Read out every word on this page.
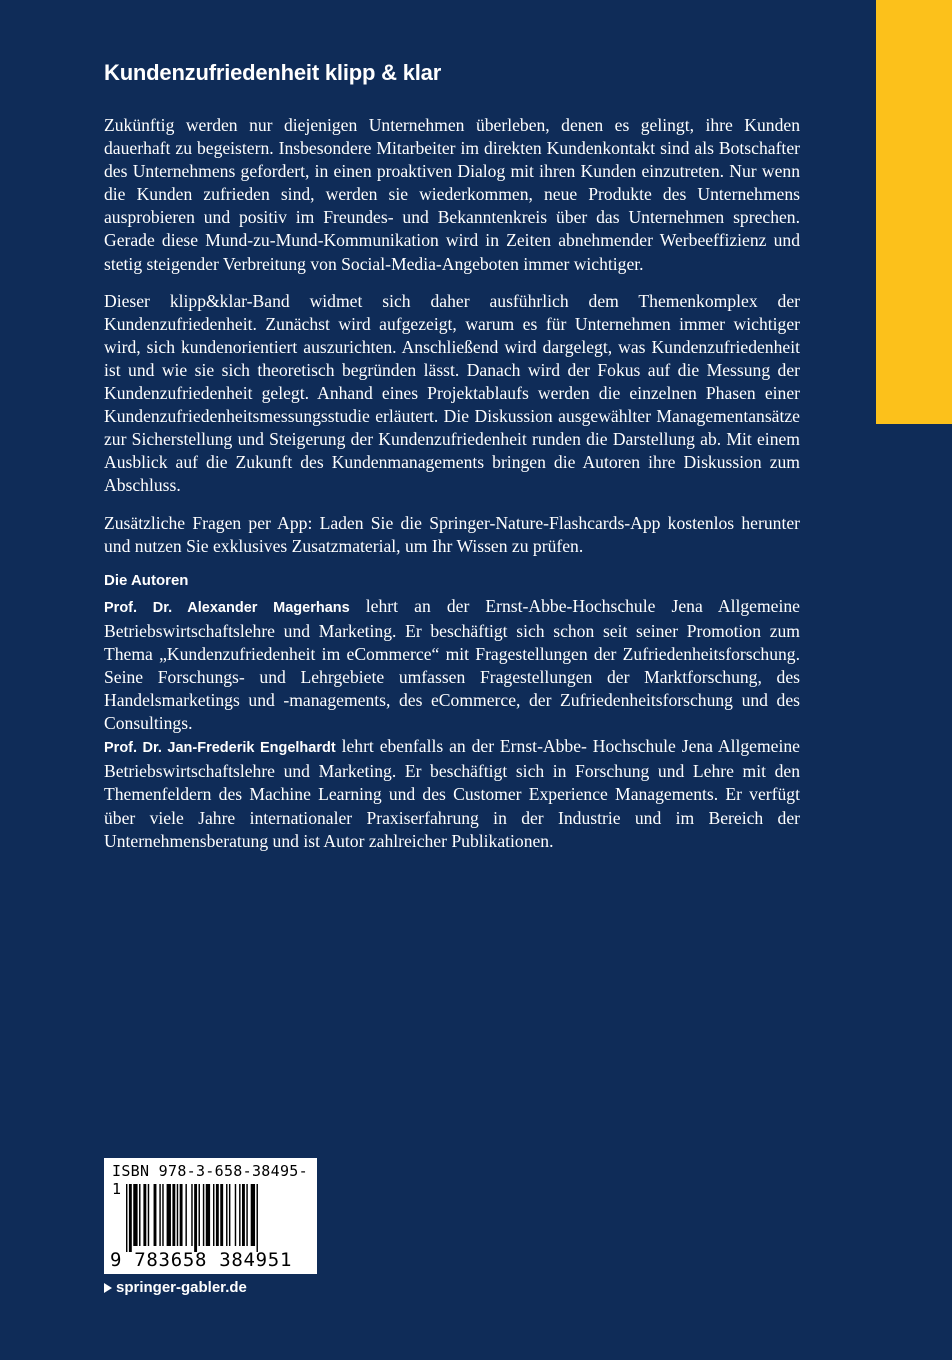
Kundenzufriedenheit klipp & klar

Zukünftig werden nur diejenigen Unternehmen überleben, denen es gelingt, ihre Kunden dauerhaft zu begeistern. Insbesondere Mitarbeiter im direkten Kundenkontakt sind als Botschafter des Unternehmens gefordert, in einen proaktiven Dialog mit ihren Kunden einzutreten. Nur wenn die Kunden zufrieden sind, werden sie wiederkommen, neue Produkte des Unternehmens ausprobieren und positiv im Freundes- und Bekanntenkreis über das Unternehmen sprechen. Gerade diese Mund-zu-Mund-Kommunikation wird in Zeiten abnehmender Werbeeffizienz und stetig steigender Verbreitung von Social-Media-Angeboten immer wichtiger.

Dieser klipp&klar-Band widmet sich daher ausführlich dem Themenkomplex der Kundenzufriedenheit. Zunächst wird aufgezeigt, warum es für Unternehmen immer wichtiger wird, sich kundenorientiert auszurichten. Anschließend wird dargelegt, was Kundenzufriedenheit ist und wie sie sich theoretisch begründen lässt. Danach wird der Fokus auf die Messung der Kundenzufriedenheit gelegt. Anhand eines Projektablaufs werden die einzelnen Phasen einer Kundenzufriedenheitsmessungsstudie erläutert. Die Diskussion ausgewählter Managementansätze zur Sicherstellung und Steigerung der Kundenzufriedenheit runden die Darstellung ab. Mit einem Ausblick auf die Zukunft des Kundenmanagements bringen die Autoren ihre Diskussion zum Abschluss.

Zusätzliche Fragen per App: Laden Sie die Springer-Nature-Flashcards-App kostenlos herunter und nutzen Sie exklusives Zusatzmaterial, um Ihr Wissen zu prüfen.

Die Autoren

Prof. Dr. Alexander Magerhans lehrt an der Ernst-Abbe-Hochschule Jena Allgemeine Betriebswirtschaftslehre und Marketing. Er beschäftigt sich schon seit seiner Promotion zum Thema „Kundenzufriedenheit im eCommerce“ mit Fragestellungen der Zufriedenheitsforschung. Seine Forschungs- und Lehrgebiete umfassen Fragestellungen der Marktforschung, des Handelsmarketings und -managements, des eCommerce, der Zufriedenheitsforschung und des Consultings.

Prof. Dr. Jan-Frederik Engelhardt lehrt ebenfalls an der Ernst-Abbe- Hochschule Jena Allgemeine Betriebswirtschaftslehre und Marketing. Er beschäftigt sich in Forschung und Lehre mit den Themenfeldern des Machine Learning und des Customer Experience Managements. Er verfügt über viele Jahre internationaler Praxiserfahrung in der Industrie und im Bereich der Unternehmensberatung und ist Autor zahlreicher Publikationen.

ISBN 978-3-658-38495-1
9 783658 384951
springer-gabler.de
